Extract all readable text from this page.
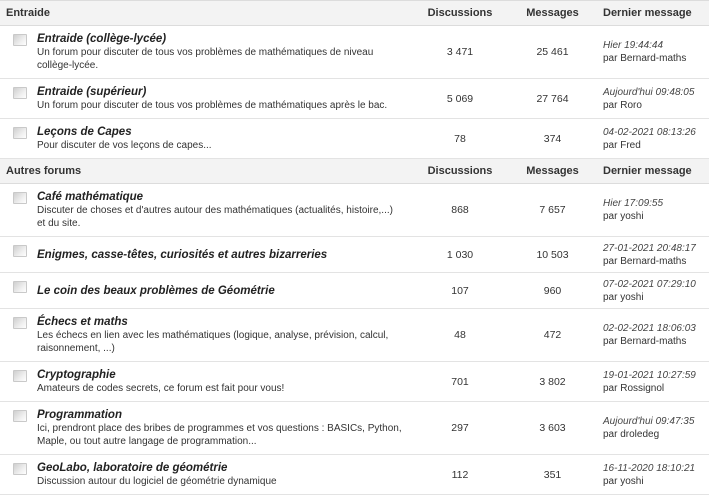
Entraide	Discussions	Messages	Dernier message

Entraide (collège-lycée)
Un forum pour discuter de tous vos problèmes de mathématiques de niveau collège-lycée.	3 471	25 461	Hier 19:44:44
par Bernard-maths

Entraide (supérieur)
Un forum pour discuter de tous vos problèmes de mathématiques après le bac.	5 069	27 764	Aujourd'hui 09:48:05
par Roro

Leçons de Capes
Pour discuter de vos leçons de capes...	78	374	04-02-2021 08:13:26
par Fred

Autres forums	Discussions	Messages	Dernier message

Café mathématique
Discuter de choses et d'autres autour des mathématiques (actualités, histoire,...) et du site.	868	7 657	Hier 17:09:55
par yoshi

Enigmes, casse-têtes, curiosités et autres bizarreries	1 030	10 503	27-01-2021 20:48:17
par Bernard-maths

Le coin des beaux problèmes de Géométrie	107	960	07-02-2021 07:29:10
par yoshi

Échecs et maths
Les échecs en lien avec les mathématiques (logique, analyse, prévision, calcul, raisonnement, ...)	48	472	02-02-2021 18:06:03
par Bernard-maths

Cryptographie
Amateurs de codes secrets, ce forum est fait pour vous!	701	3 802	19-01-2021 10:27:59
par Rossignol

Programmation
Ici, prendront place des bribes de programmes et vos questions : BASICs, Python, Maple, ou tout autre langage de programmation...	297	3 603	Aujourd'hui 09:47:35
par droledeg

GeoLabo, laboratoire de géométrie
Discussion autour du logiciel de géométrie dynamique	112	351	16-11-2020 18:10:21
par yoshi
